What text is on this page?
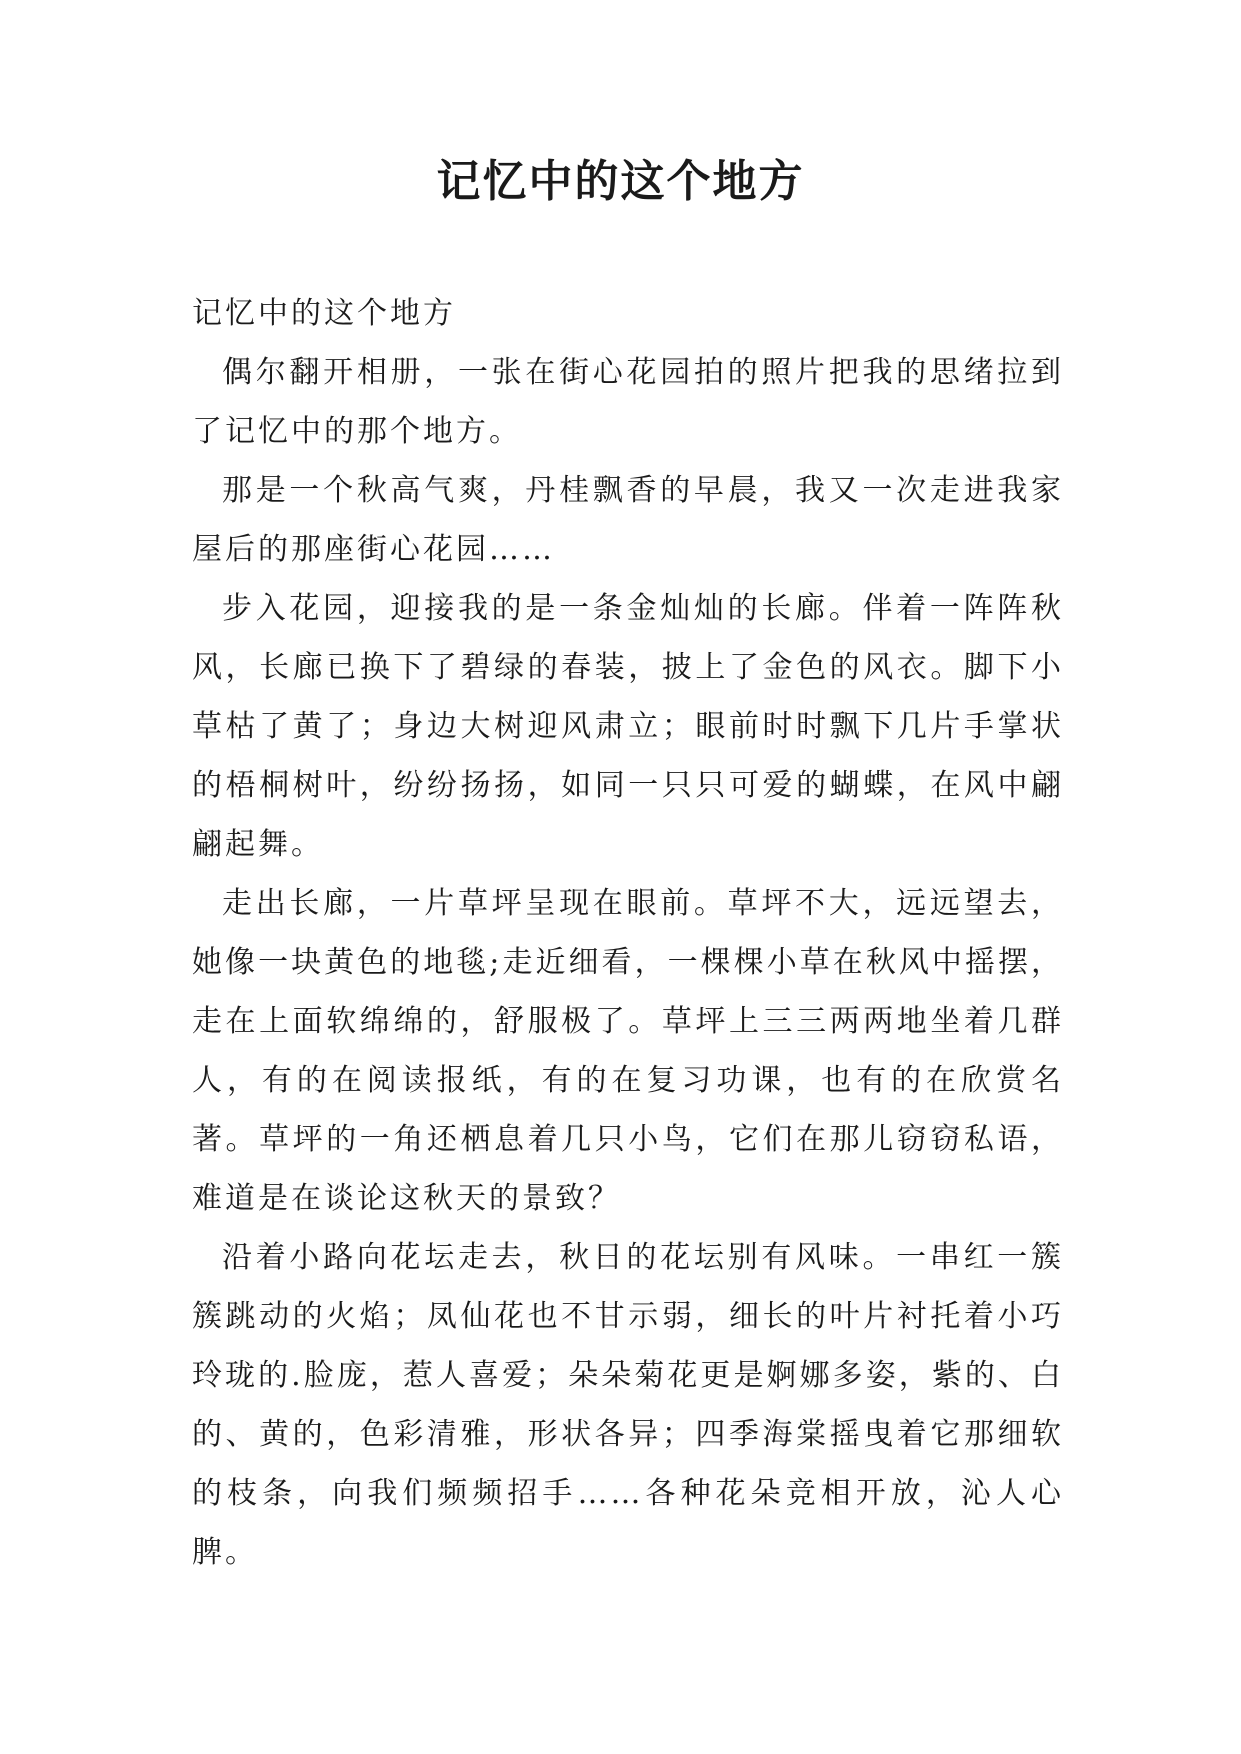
记忆中的这个地方

记忆中的这个地方

偶尔翻开相册，一张在街心花园拍的照片把我的思绪拉到了记忆中的那个地方。

那是一个秋高气爽，丹桂飘香的早晨，我又一次走进我家屋后的那座街心花园……

步入花园，迎接我的是一条金灿灿的长廊。伴着一阵阵秋风，长廊已换下了碧绿的春装，披上了金色的风衣。脚下小草枯了黄了；身边大树迎风肃立；眼前时时飘下几片手掌状的梧桐树叶，纷纷扬扬，如同一只只可爱的蝴蝶，在风中翩翩起舞。

走出长廊，一片草坪呈现在眼前。草坪不大，远远望去，她像一块黄色的地毯;走近细看，一棵棵小草在秋风中摇摆，走在上面软绵绵的，舒服极了。草坪上三三两两地坐着几群人，有的在阅读报纸，有的在复习功课，也有的在欣赏名著。草坪的一角还栖息着几只小鸟，它们在那儿窃窃私语，难道是在谈论这秋天的景致？

沿着小路向花坛走去，秋日的花坛别有风味。一串红一簇簇跳动的火焰；凤仙花也不甘示弱，细长的叶片衬托着小巧玲珑的.脸庞，惹人喜爱；朵朵菊花更是婀娜多姿，紫的、白的、黄的，色彩清雅，形状各异；四季海棠摇曳着它那细软的枝条，向我们频频招手……各种花朵竞相开放，沁人心脾。
